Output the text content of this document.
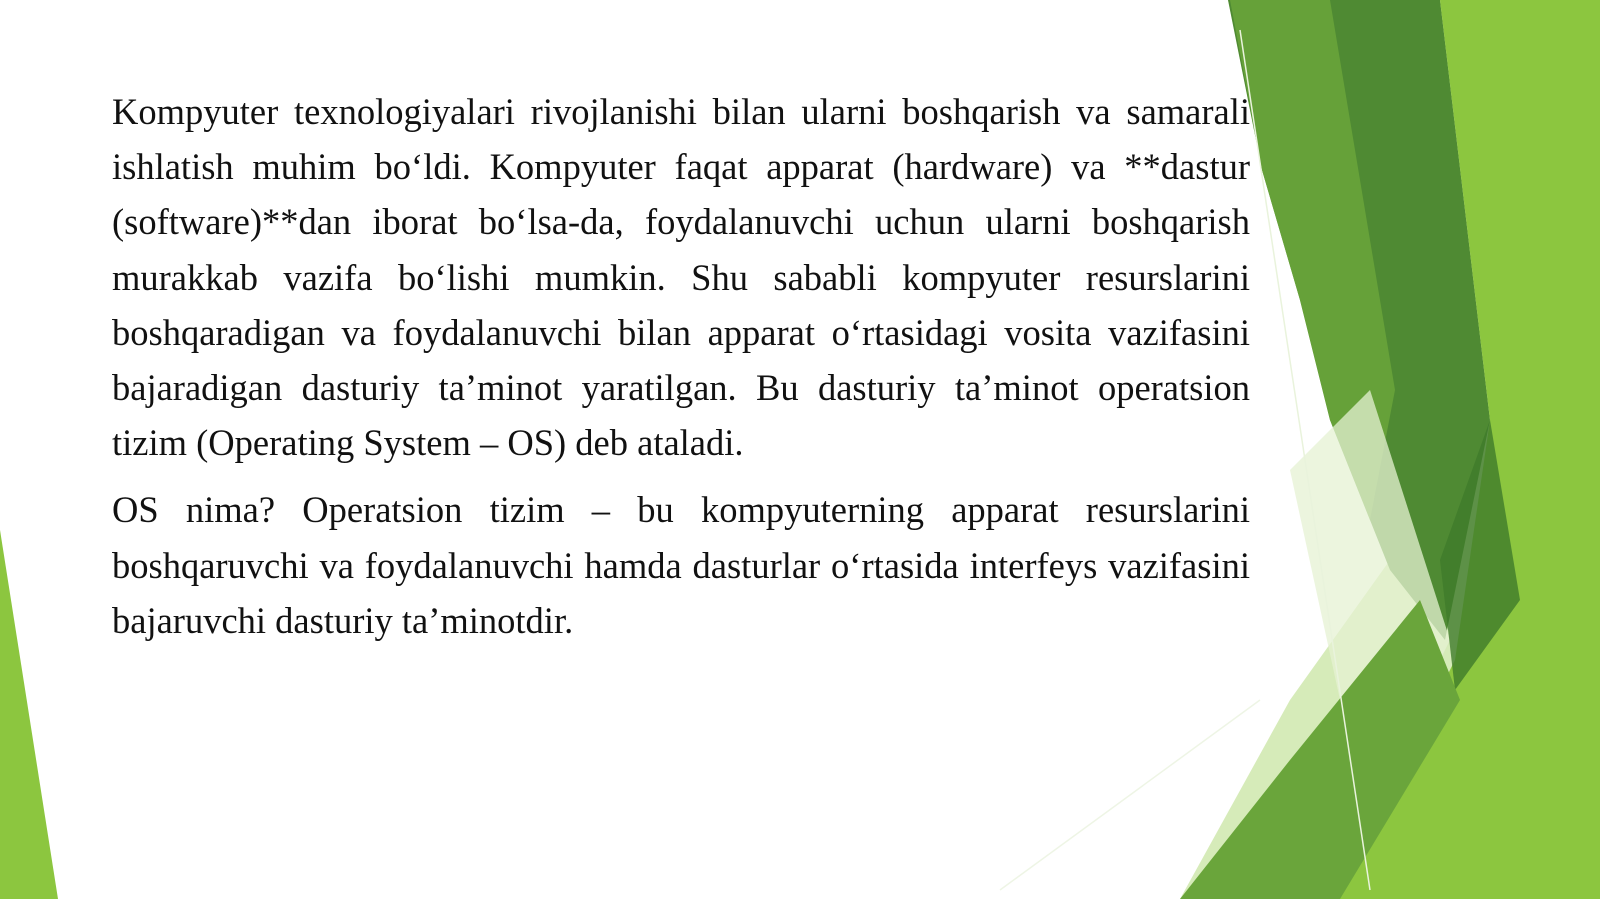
Kompyuter texnologiyalari rivojlanishi bilan ularni boshqarish va samarali ishlatish muhim bo‘ldi. Kompyuter faqat apparat (hardware) va **dastur (software)**dan iborat bo‘lsa-da, foydalanuvchi uchun ularni boshqarish murakkab vazifa bo‘lishi mumkin. Shu sababli kompyuter resurslarini boshqaradigan va foydalanuvchi bilan apparat o‘rtasidagi vosita vazifasini bajaradigan dasturiy ta’minot yaratilgan. Bu dasturiy ta’minot operatsion tizim (Operating System – OS) deb ataladi.

OS nima? Operatsion tizim – bu kompyuterning apparat resurslarini boshqaruvchi va foydalanuvchi hamda dasturlar o‘rtasida interfeys vazifasini bajaruvchi dasturiy ta’minotdir.
